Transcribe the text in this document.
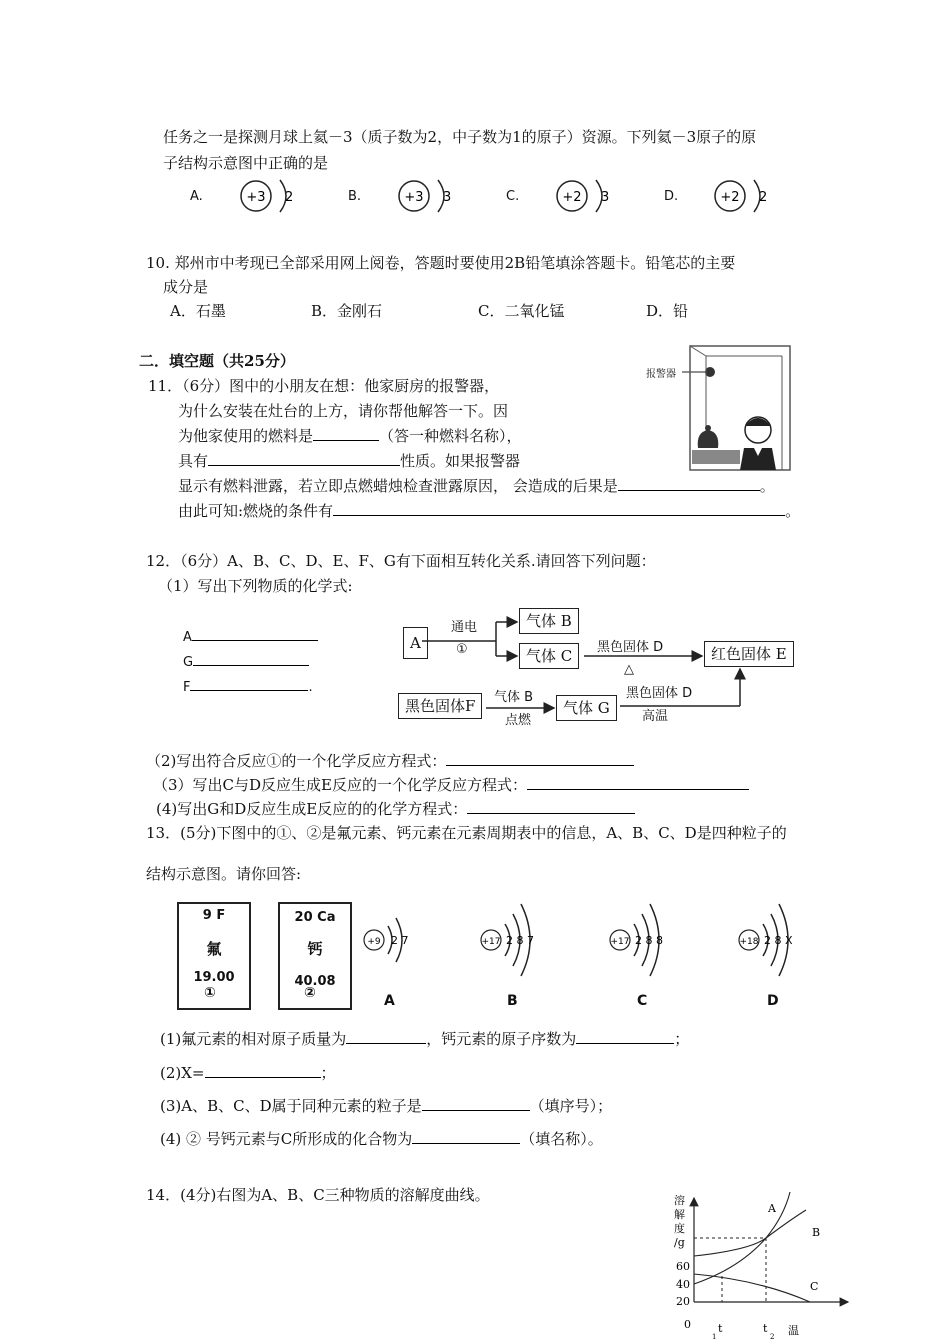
任务之一是探测月球上氦－3（质子数为2，中子数为1的原子）资源。下列氦－3原子的原
子结构示意图中正确的是
A.	+3 2	B.	+3 3	C.	+2 3	D.	+2 2
10. 郑州市中考现已全部采用网上阅卷，答题时要使用2B铅笔填涂答题卡。铅笔芯的主要
成分是
A．石墨	B．金刚石	C．二氧化锰	D．铅
二．填空题（共25分）
11．（6分）图中的小朋友在想：他家厨房的报警器，
为什么安装在灶台的上方，请你帮他解答一下。因
为他家使用的燃料是	（答一种燃料名称），
具有	性质。如果报警器
显示有燃料泄露，若立即点燃蜡烛检查泄露原因， 会造成的后果是	。
由此可知:燃烧的条件有	。
报警器
12．（6分）A、B、C、D、E、F、G有下面相互转化关系.请回答下列问题：
（1）写出下列物质的化学式:
A
G
F	.
A
气体 B
气体 C	红色固体 E
黑色固体F	气体 G
通电
①	黑色固体 D
△
气体 B
点燃
黑色固体 D
高温
（2)写出符合反应①的一个化学反应方程式：
（3）写出C与D反应生成E反应的一个化学反应方程式：
(4)写出G和D反应生成E反应的的化学方程式：
13．(5分)下图中的①、②是氟元素、钙元素在元素周期表中的信息，A、B、C、D是四种粒子的
结构示意图。请你回答:
9 F
氟
19.00
①
20 Ca
钙
40.08
②
+9 2 7
A
+17 2 8 7
B
+17 2 8 8
C
+18 2 8 X
D
(1)氟元素的相对原子质量为	，钙元素的原子序数为	；
(2)X=	；
(3)A、B、C、D属于同种元素的粒子是	（填序号）；
(4) ② 号钙元素与C所形成的化合物为	（填名称）。
14．(4分)右图为A、B、C三种物质的溶解度曲线。	溶
解
度
/g
60
40
20
0 t
1
t
2 温
A
B
C
